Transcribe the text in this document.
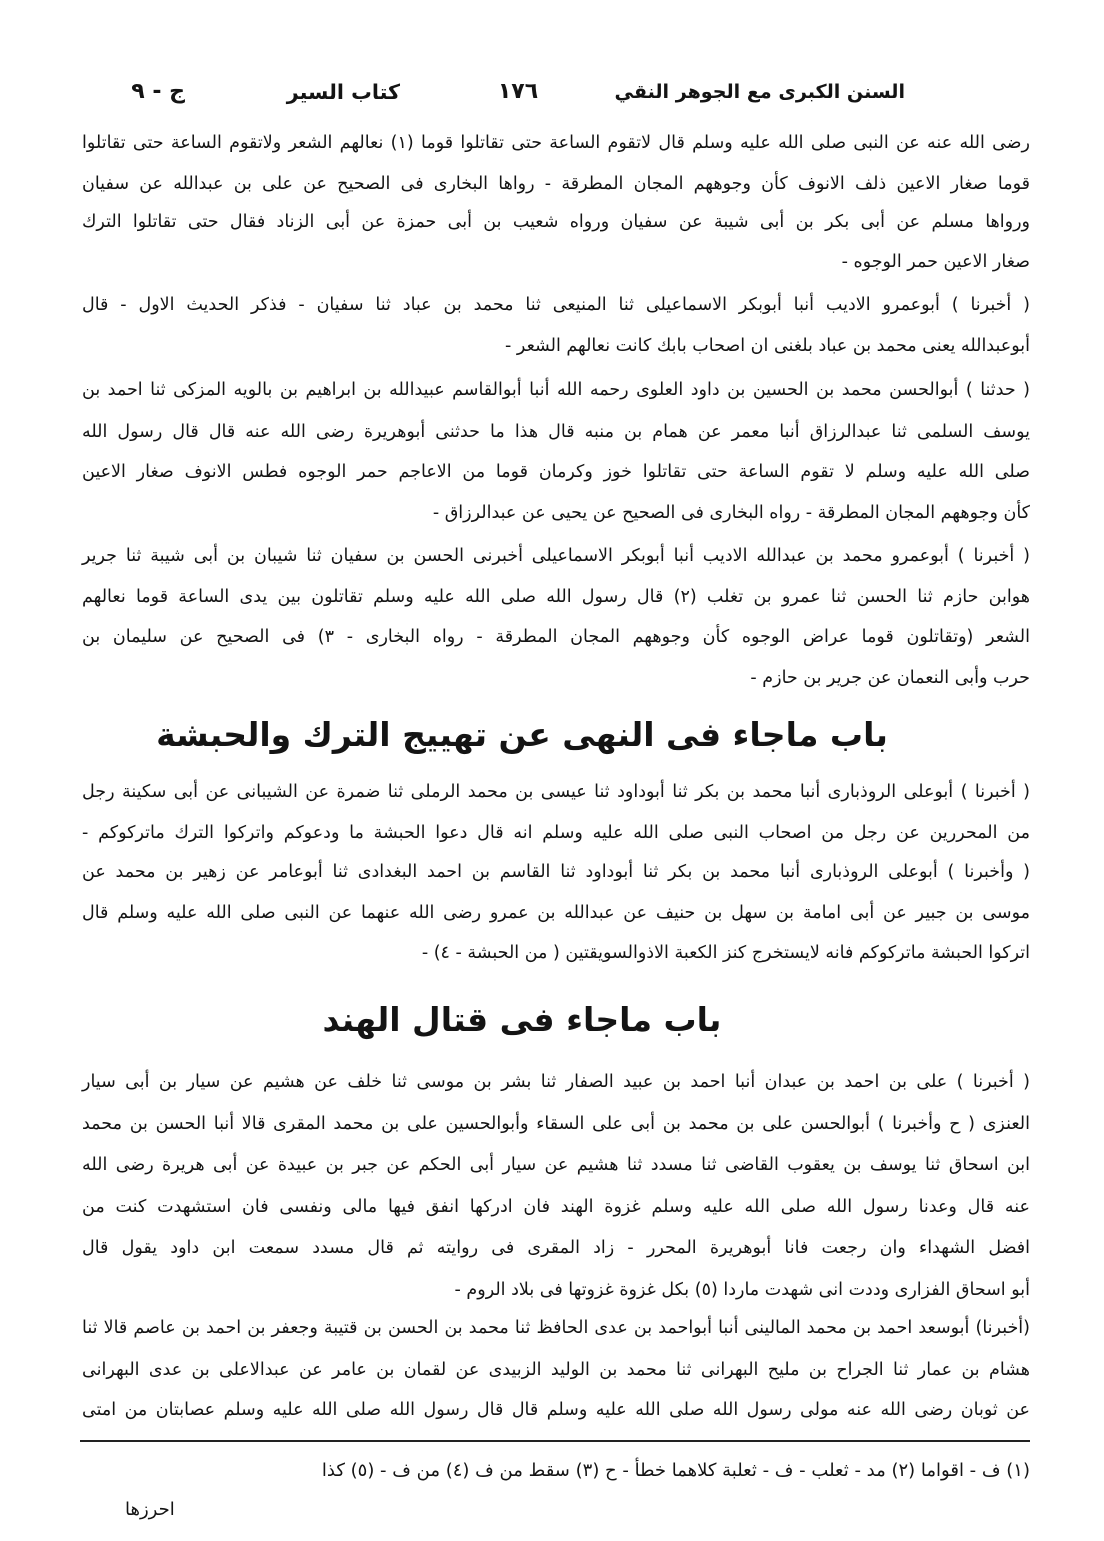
السنن الكبرى مع الجوهر النقي
١٧٦
كتاب السير
ج - ٩
رضى الله عنه عن النبى صلى الله عليه وسلم قال لاتقوم الساعة حتى تقاتلوا قوما (١) نعالهم الشعر ولاتقوم الساعة حتى تقاتلوا
قوما صغار الاعين ذلف الانوف كأن وجوههم المجان المطرقة - رواها البخارى فى الصحيح عن على بن عبدالله عن سفيان
ورواها مسلم عن أبى بكر بن أبى شيبة عن سفيان ورواه شعيب بن أبى حمزة عن أبى الزناد فقال حتى تقاتلوا الترك
صغار الاعين حمر الوجوه -
( أخبرنا ) أبوعمرو الاديب أنبا أبوبكر الاسماعيلى ثنا المنيعى ثنا محمد بن عباد ثنا سفيان - فذكر الحديث الاول - قال
أبوعبدالله يعنى محمد بن عباد بلغنى ان اصحاب بابك كانت نعالهم الشعر -
( حدثنا ) أبوالحسن محمد بن الحسين بن داود العلوى رحمه الله أنبا أبوالقاسم عبيدالله بن ابراهيم بن بالويه المزكى ثنا احمد بن
يوسف السلمى ثنا عبدالرزاق أنبا معمر عن همام بن منبه قال هذا ما حدثنى أبوهريرة رضى الله عنه قال قال رسول الله
صلى الله عليه وسلم لا تقوم الساعة حتى تقاتلوا خوز وكرمان قوما من الاعاجم حمر الوجوه فطس الانوف صغار الاعين
كأن وجوههم المجان المطرقة - رواه البخارى فى الصحيح عن يحيى عن عبدالرزاق -
( أخبرنا ) أبوعمرو محمد بن عبدالله الاديب أنبا أبوبكر الاسماعيلى أخبرنى الحسن بن سفيان ثنا شيبان بن أبى شيبة ثنا جرير
هوابن حازم ثنا الحسن ثنا عمرو بن تغلب (٢) قال رسول الله صلى الله عليه وسلم تقاتلون بين يدى الساعة قوما نعالهم
الشعر (وتقاتلون قوما عراض الوجوه كأن وجوههم المجان المطرقة - رواه البخارى - ٣) فى الصحيح عن سليمان بن
حرب وأبى النعمان عن جرير بن حازم -
باب ماجاء فى النهى عن تهييج الترك والحبشة
( أخبرنا ) أبوعلى الروذبارى أنبا محمد بن بكر ثنا أبوداود ثنا عيسى بن محمد الرملى ثنا ضمرة عن الشيبانى عن أبى سكينة رجل
من المحررين عن رجل من اصحاب النبى صلى الله عليه وسلم انه قال دعوا الحبشة ما ودعوكم واتركوا الترك ماتركوكم -
( وأخبرنا ) أبوعلى الروذبارى أنبا محمد بن بكر ثنا أبوداود ثنا القاسم بن احمد البغدادى ثنا أبوعامر عن زهير بن محمد عن
موسى بن جبير عن أبى امامة بن سهل بن حنيف عن عبدالله بن عمرو رضى الله عنهما عن النبى صلى الله عليه وسلم قال
اتركوا الحبشة ماتركوكم فانه لايستخرج كنز الكعبة الاذوالسويقتين ( من الحبشة - ٤) -
باب ماجاء فى قتال الهند
( أخبرنا ) على بن احمد بن عبدان أنبا احمد بن عبيد الصفار ثنا بشر بن موسى ثنا خلف عن هشيم عن سيار بن أبى سيار
العنزى ( ح وأخبرنا ) أبوالحسن على بن محمد بن أبى على السقاء وأبوالحسين على بن محمد المقرى قالا أنبا الحسن بن محمد
ابن اسحاق ثنا يوسف بن يعقوب القاضى ثنا مسدد ثنا هشيم عن سيار أبى الحكم عن جبر بن عبيدة عن أبى هريرة رضى الله
عنه قال وعدنا رسول الله صلى الله عليه وسلم غزوة الهند فان ادركها انفق فيها مالى ونفسى فان استشهدت كنت من
افضل الشهداء وان رجعت فانا أبوهريرة المحرر - زاد المقرى فى روايته ثم قال مسدد سمعت ابن داود يقول قال
أبو اسحاق الفزارى وددت انى شهدت ماردا (٥) بكل غزوة غزوتها فى بلاد الروم -
(أخبرنا) أبوسعد احمد بن محمد المالينى أنبا أبواحمد بن عدى الحافظ ثنا محمد بن الحسن بن قتيبة وجعفر بن احمد بن عاصم قالا ثنا
هشام بن عمار ثنا الجراح بن مليح البهرانى ثنا محمد بن الوليد الزبيدى عن لقمان بن عامر عن عبدالاعلى بن عدى البهرانى
عن ثوبان رضى الله عنه مولى رسول الله صلى الله عليه وسلم قال قال رسول الله صلى الله عليه وسلم عصابتان من امتى
(١) ف - اقواما (٢) مد - ثعلب - ف - ثعلبة كلاهما خطأ - ح (٣) سقط من ف (٤) من ف - (٥) كذا
احرزها
